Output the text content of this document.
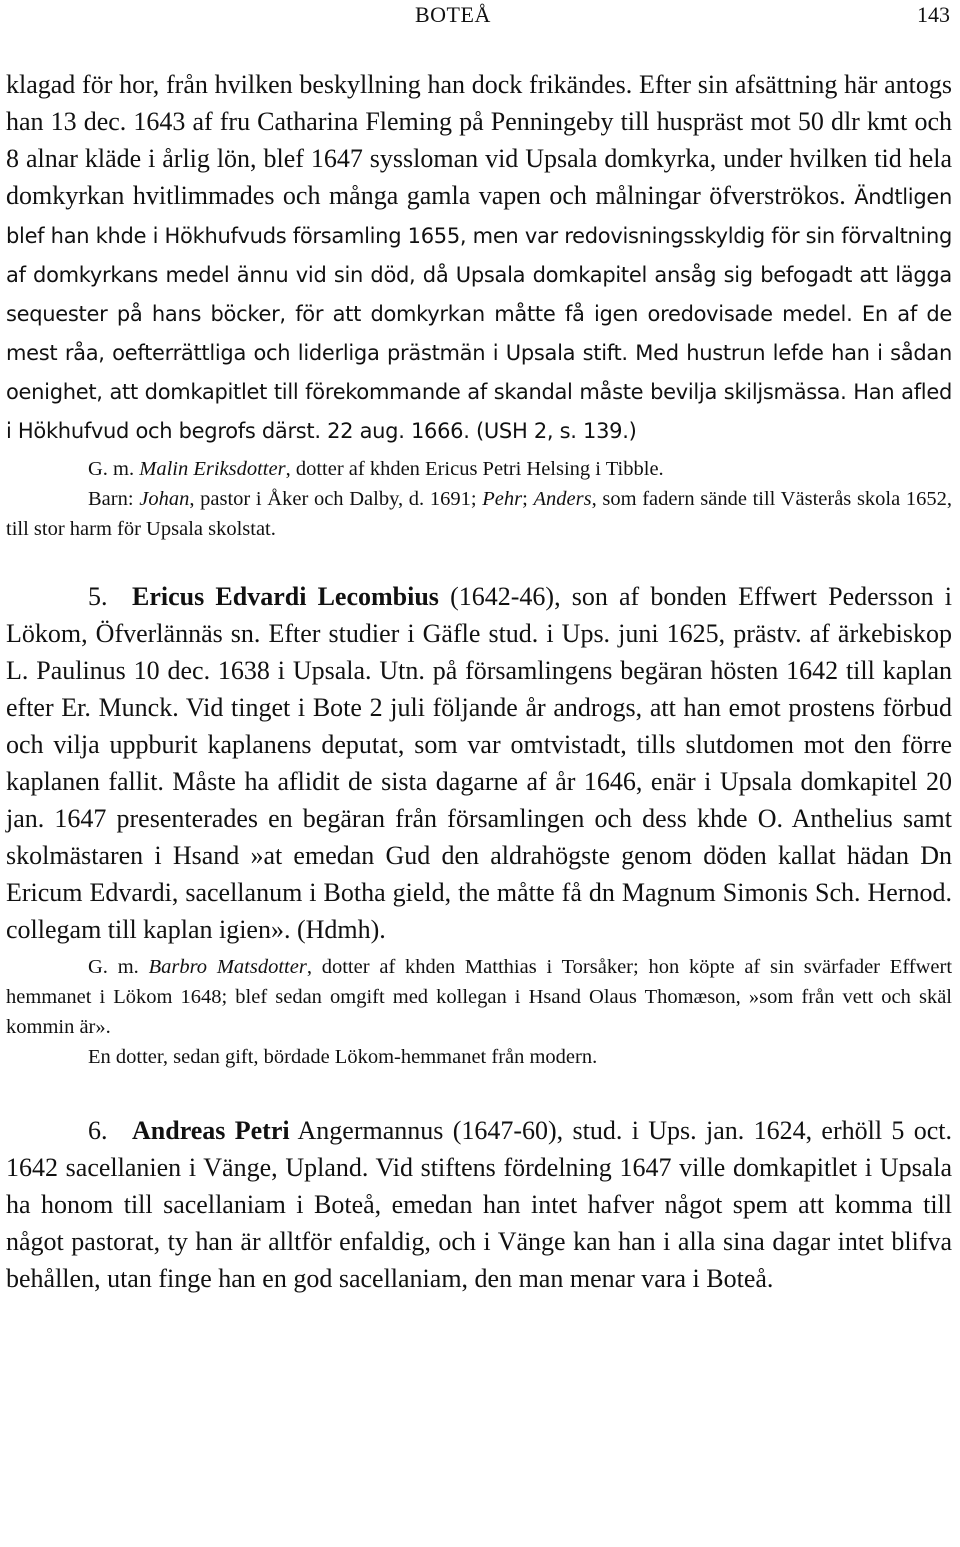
BOTEÅ	143

klagad för hor, från hvilken beskyllning han dock frikändes. Efter sin afsättning här antogs han 13 dec. 1643 af fru Catharina Fleming på Penningeby till huspräst mot 50 dlr kmt och 8 alnar kläde i årlig lön, blef 1647 syssloman vid Upsala domkyrka, under hvilken tid hela domkyrkan hvitlimmades och många gamla vapen och målningar öfverströkos. Ändtligen blef han khde i Hökhufvuds församling 1655, men var redovisningsskyldig för sin förvaltning af domkyrkans medel ännu vid sin död, då Upsala domkapitel ansåg sig befogadt att lägga sequester på hans böcker, för att domkyrkan måtte få igen oredovisade medel. En af de mest råa, oefterrättliga och liderliga prästmän i Upsala stift. Med hustrun lefde han i sådan oenighet, att domkapitlet till förekommande af skandal måste bevilja skiljsmässa. Han afled i Hökhufvud och begrofs därst. 22 aug. 1666. (USH 2, s. 139.)

G. m. Malin Eriksdotter, dotter af khden Ericus Petri Helsing i Tibble.

Barn: Johan, pastor i Åker och Dalby, d. 1691; Pehr; Anders, som fadern sände till Västerås skola 1652, till stor harm för Upsala skolstat.

5. Ericus Edvardi Lecombius (1642-46), son af bonden Effwert Pedersson i Lökom, Öfverlännäs sn. Efter studier i Gäfle stud. i Ups. juni 1625, prästv. af ärkebiskop L. Paulinus 10 dec. 1638 i Upsala. Utn. på församlingens begäran hösten 1642 till kaplan efter Er. Munck. Vid tinget i Bote 2 juli följande år androgs, att han emot prostens förbud och vilja uppburit kaplanens deputat, som var omtvistadt, tills slutdomen mot den förre kaplanen fallit. Måste ha aflidit de sista dagarne af år 1646, enär i Upsala domkapitel 20 jan. 1647 presenterades en begäran från församlingen och dess khde O. Anthelius samt skolmästaren i Hsand »at emedan Gud den aldrahögste genom döden kallat hädan Dn Ericum Edvardi, sacellanum i Botha gield, the måtte få dn Magnum Simonis Sch. Hernod. collegam till kaplan igien». (Hdmh).

G. m. Barbro Matsdotter, dotter af khden Matthias i Torsåker; hon köpte af sin svärfader Effwert hemmanet i Lökom 1648; blef sedan omgift med kollegan i Hsand Olaus Thomæson, »som från vett och skäl kommin är».

En dotter, sedan gift, bördade Lökom-hemmanet från modern.

6. Andreas Petri Angermannus (1647-60), stud. i Ups. jan. 1624, erhöll 5 oct. 1642 sacellanien i Vänge, Upland. Vid stiftens fördelning 1647 ville domkapitlet i Upsala ha honom till sacellaniam i Boteå, emedan han intet hafver något spem att komma till något pastorat, ty han är alltför enfaldig, och i Vänge kan han i alla sina dagar intet blifva behållen, utan finge han en god sacellaniam, den man menar vara i Boteå.
